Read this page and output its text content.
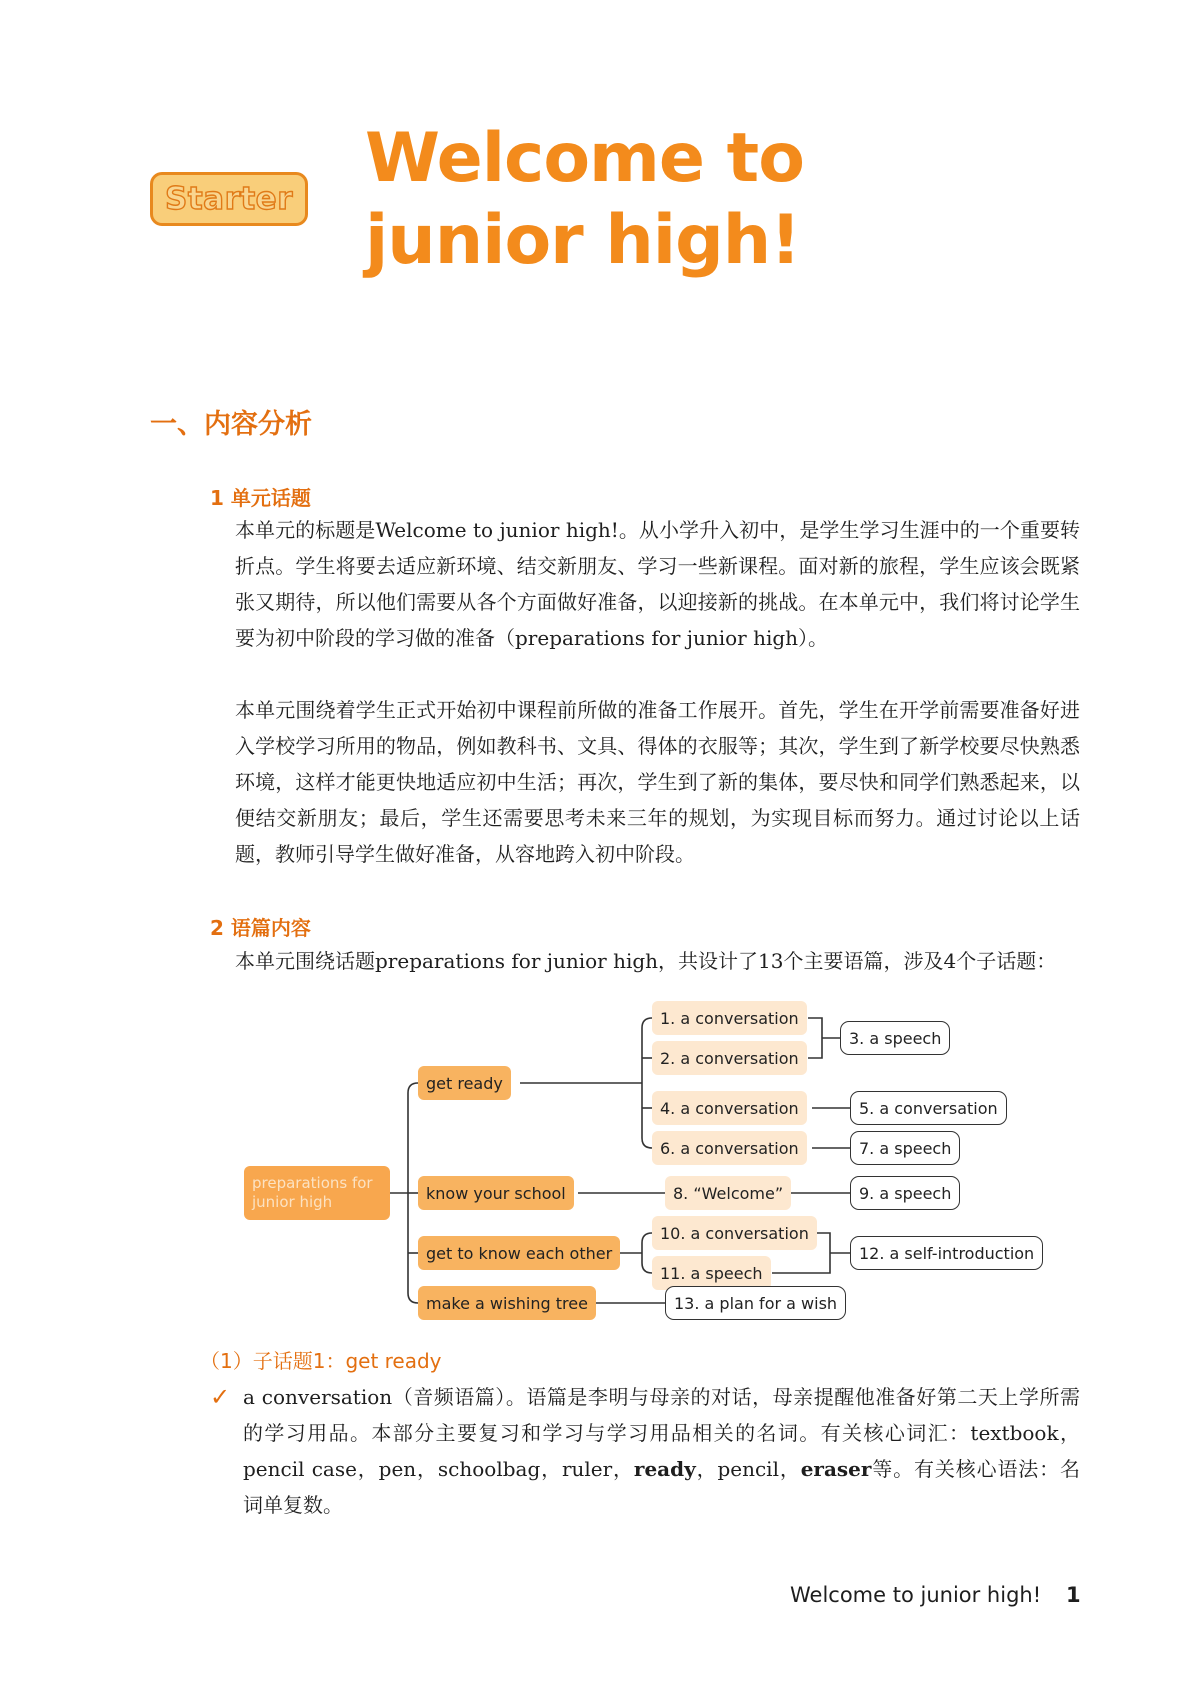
Starter
Welcome to
junior high!
一、内容分析
1 单元话题

本单元的标题是Welcome to junior high!。从小学升入初中，是学生学习生涯中的一个重要转折点。学生将要去适应新环境、结交新朋友、学习一些新课程。面对新的旅程，学生应该会既紧张又期待，所以他们需要从各个方面做好准备，以迎接新的挑战。在本单元中，我们将讨论学生要为初中阶段的学习做的准备（preparations for junior high）。

本单元围绕着学生正式开始初中课程前所做的准备工作展开。首先，学生在开学前需要准备好进入学校学习所用的物品，例如教科书、文具、得体的衣服等；其次，学生到了新学校要尽快熟悉环境，这样才能更快地适应初中生活；再次，学生到了新的集体，要尽快和同学们熟悉起来，以便结交新朋友；最后，学生还需要思考未来三年的规划，为实现目标而努力。通过讨论以上话题，教师引导学生做好准备，从容地跨入初中阶段。

2 语篇内容

本单元围绕话题preparations for junior high，共设计了13个主要语篇，涉及4个子话题：

preparations for junior high
get ready
know your school
get to know each other
make a wishing tree
1. a conversation
2. a conversation
3. a speech
4. a conversation	5. a conversation
6. a conversation	7. a speech
8. “Welcome”	9. a speech
10. a conversation
11. a speech
12. a self-introduction
13. a plan for a wish
（1）子话题1：get ready
✓ a conversation（音频语篇）。语篇是李明与母亲的对话，母亲提醒他准备好第二天上学所需的学习用品。本部分主要复习和学习与学习用品相关的名词。有关核心词汇：textbook，pencil case，pen，schoolbag，ruler，ready，pencil，eraser等。有关核心语法：名词单复数。

Welcome to junior high! 1
